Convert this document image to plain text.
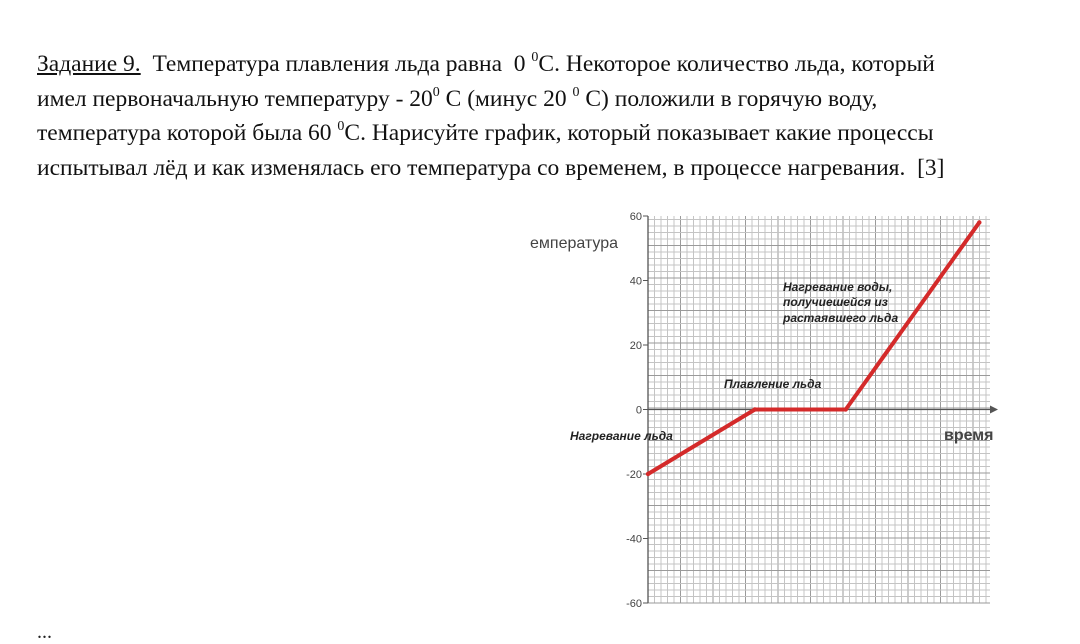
Задание 9. Температура плавления льда равна 0 $^0$С. Некоторое количество льда, который
имел первоначальную температуру - $20^0$ С (минус 20 $^0$ С) положили в горячую воду,
температура которой была 60 $^0$С. Нарисуйте график, который показывает какие процессы
испытывал лёд и как изменялась его температура со временем, в процессе нагревания. [3]
60
40
20
0
-20
-40
-60
емпература
время
Нагревание льда
Плавление льда
Нагревание воды,
получиешейся из
растаявшего льда
...
